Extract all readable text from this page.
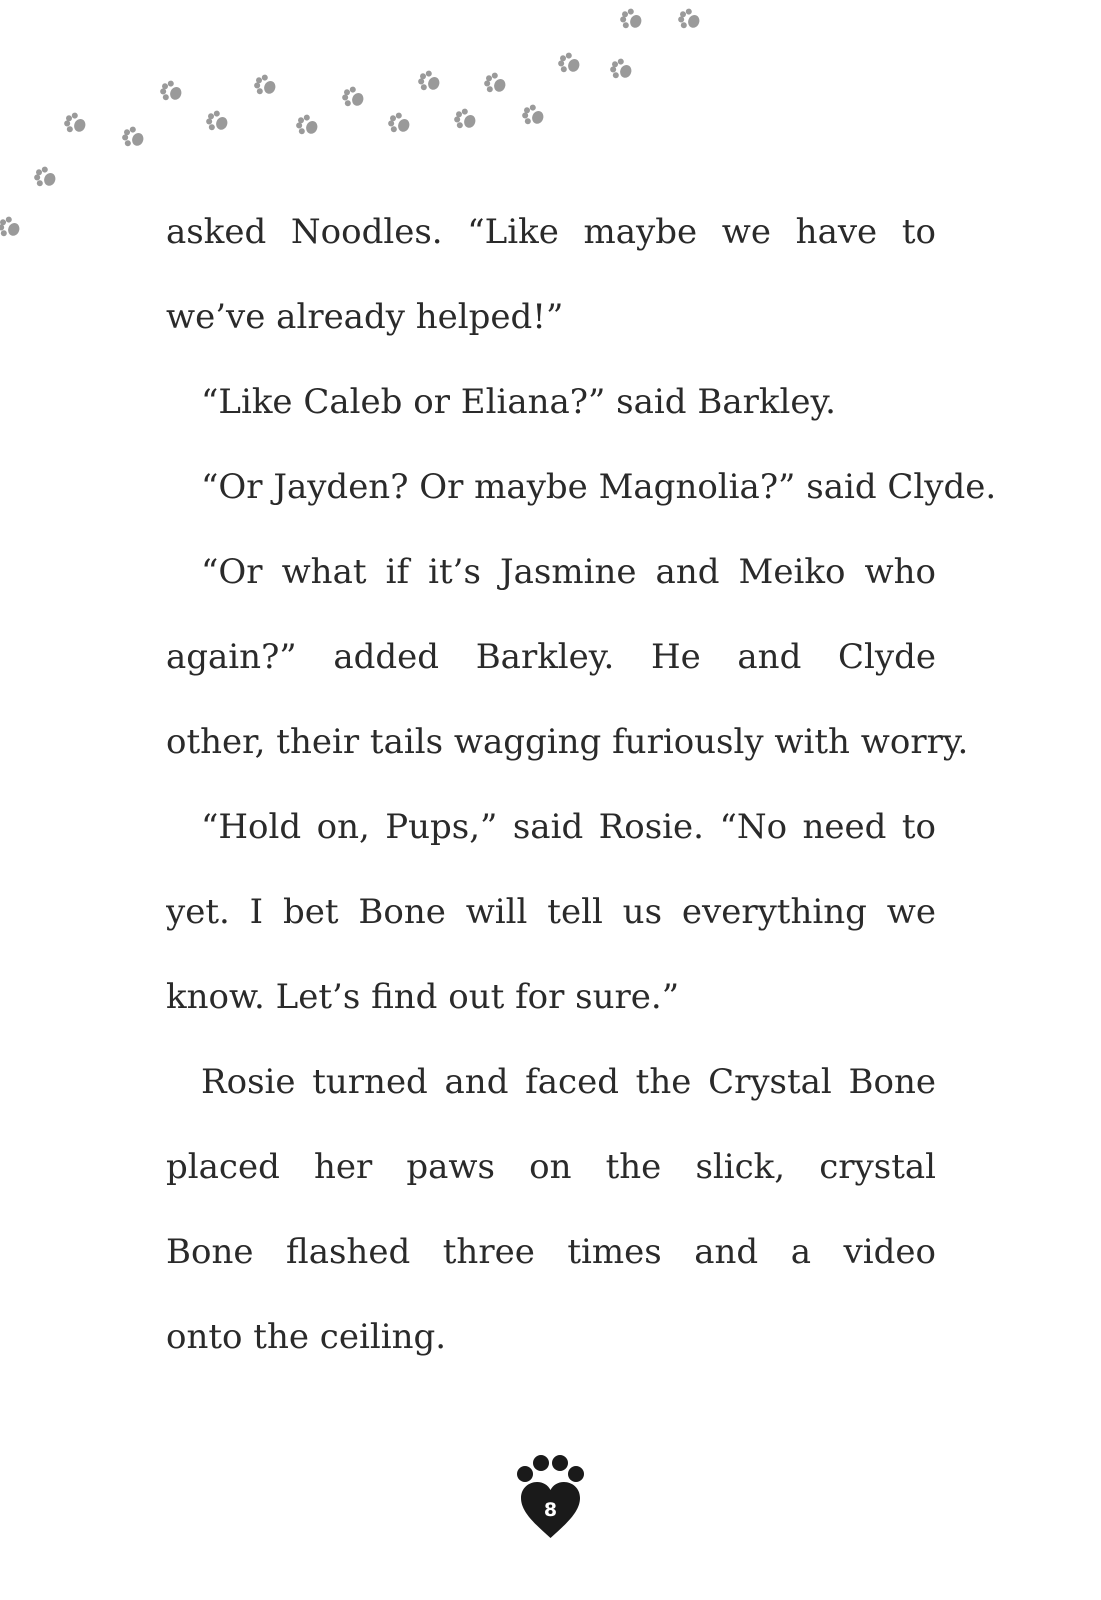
asked Noodles. “Like maybe we have to
we’ve already helped!”
“Like Caleb or Eliana?” said Barkley.
“Or Jayden? Or maybe Magnolia?” said Clyde.
“Or what if it’s Jasmine and Meiko who
again?” added Barkley. He and Clyde
other, their tails wagging furiously with worry.
“Hold on, Pups,” said Rosie. “No need to
yet. I bet Bone will tell us everything we
know. Let’s find out for sure.”
Rosie turned and faced the Crystal Bone
placed her paws on the slick, crystal
Bone flashed three times and a video
onto the ceiling.
8
